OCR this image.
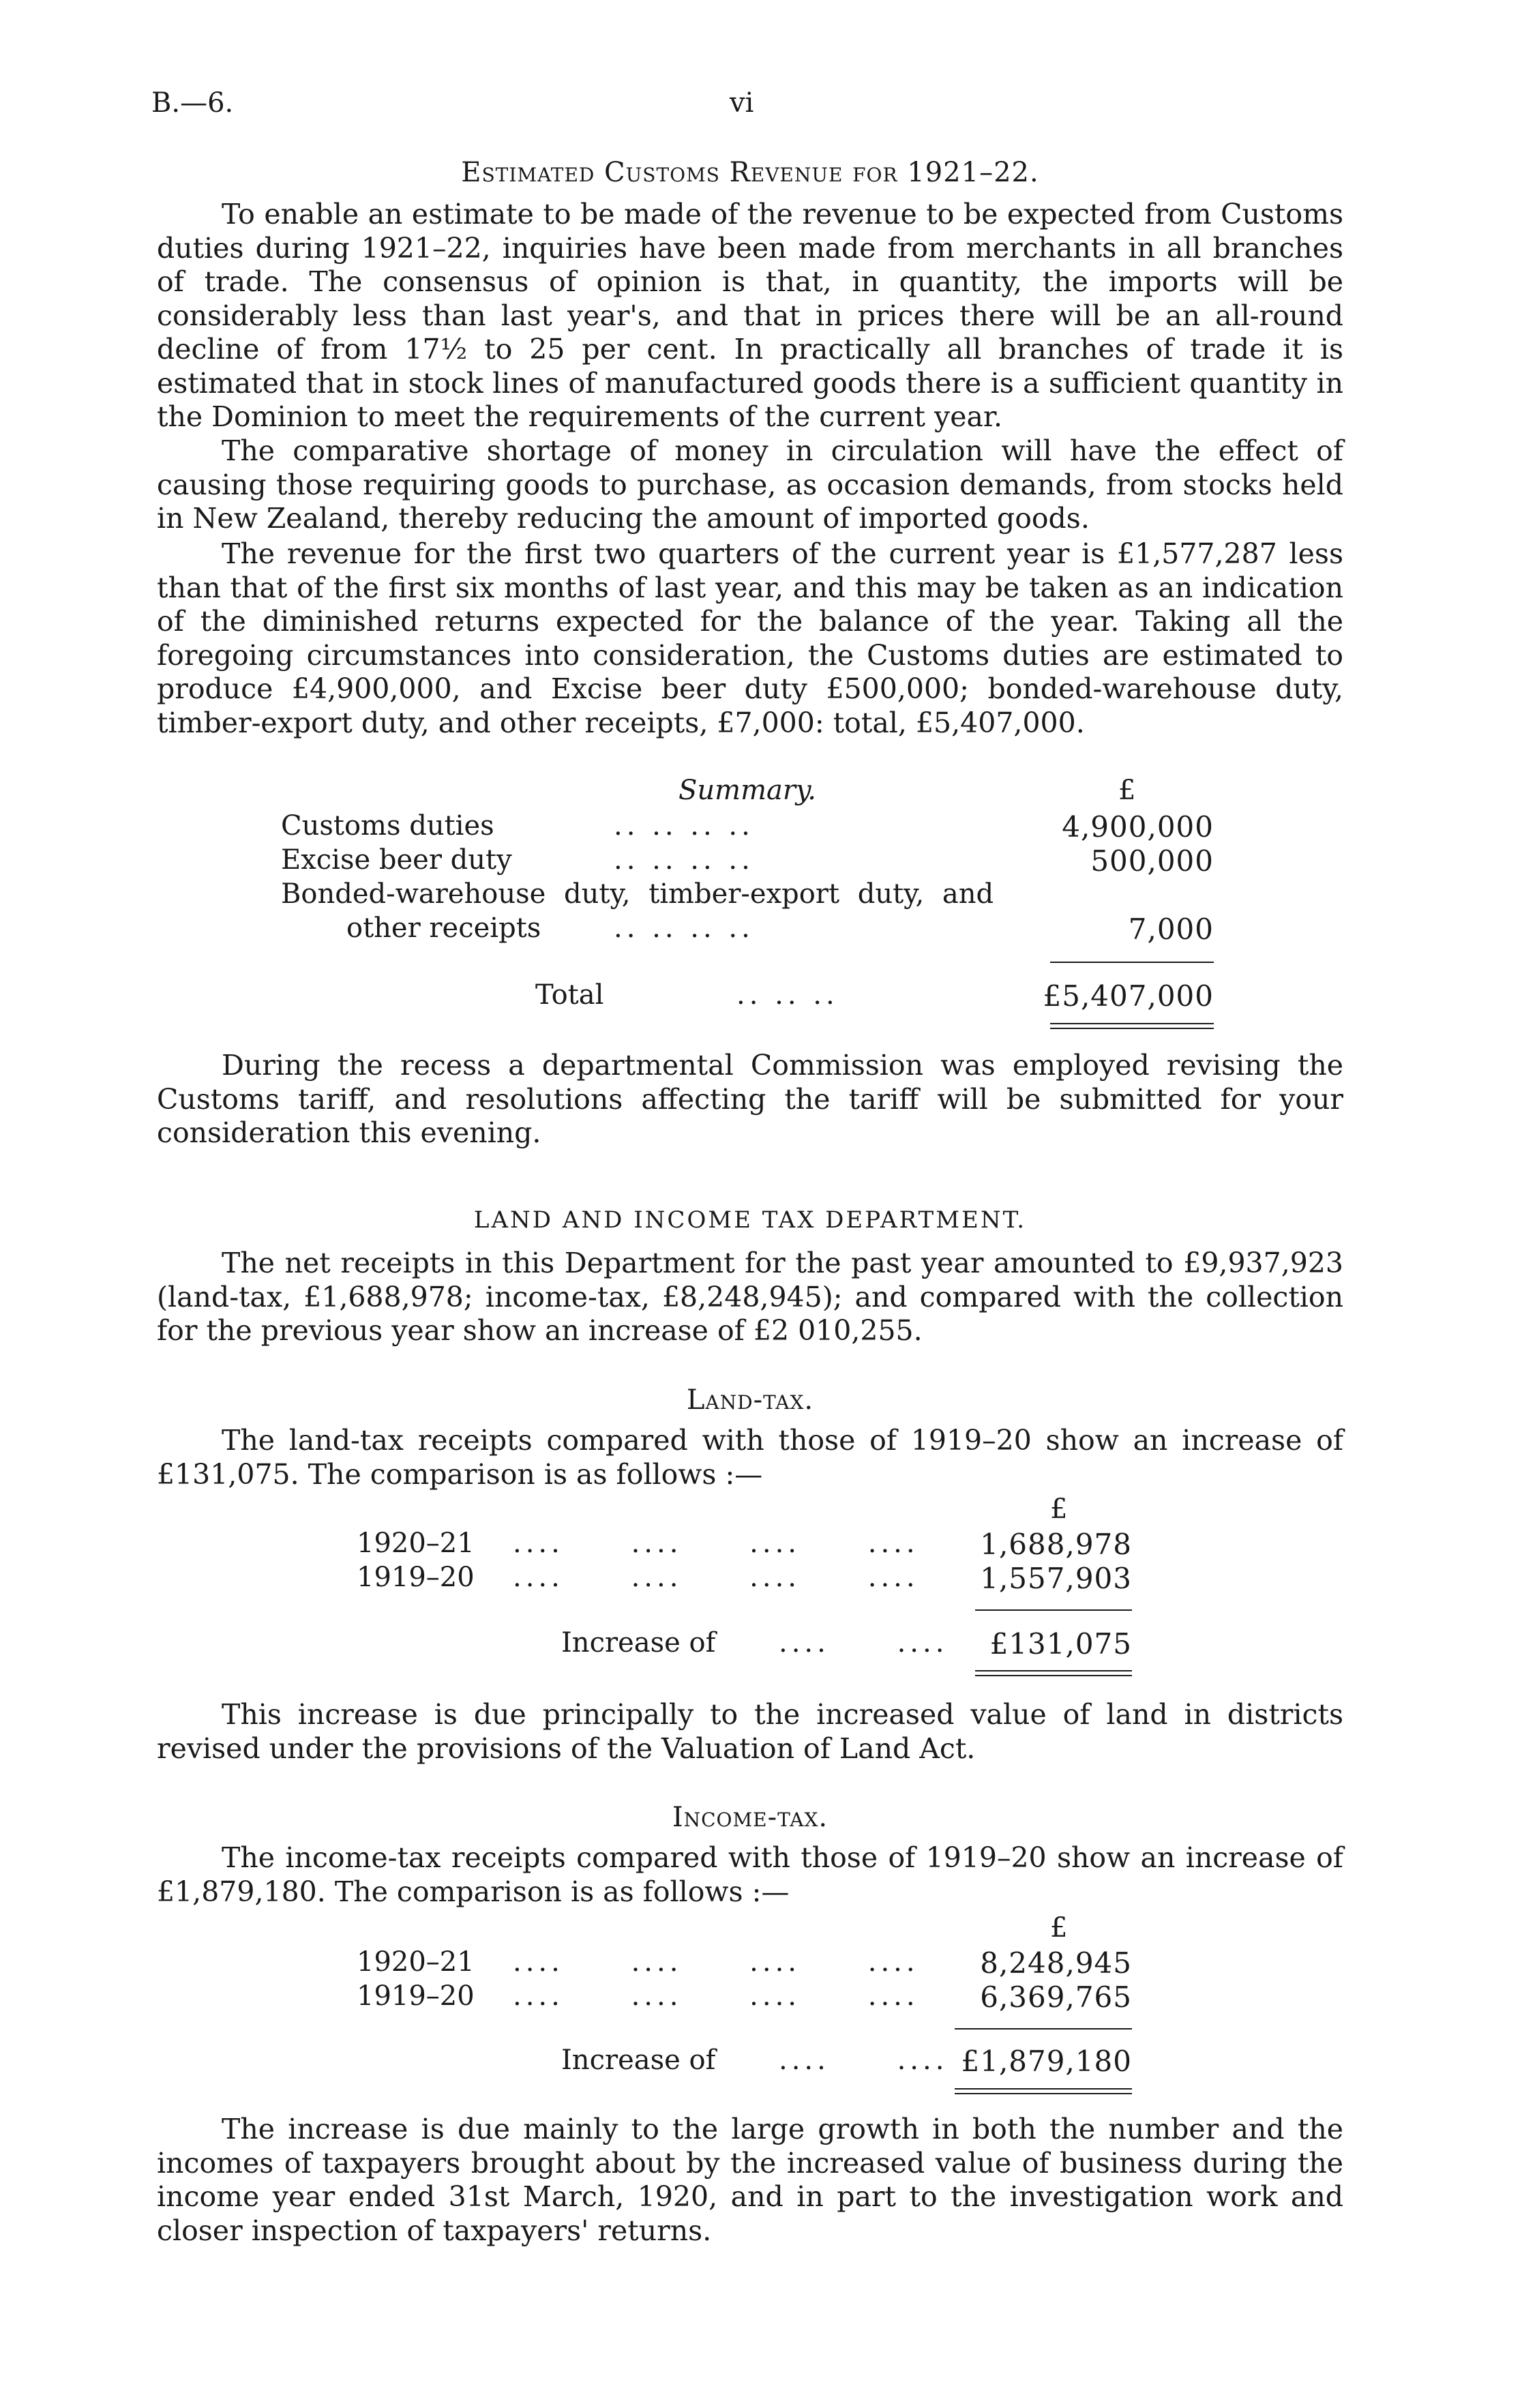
B.—6.	vi
Estimated Customs Revenue for 1921–22.

To enable an estimate to be made of the revenue to be expected from Customs duties during 1921–22, inquiries have been made from merchants in all branches of trade. The consensus of opinion is that, in quantity, the imports will be considerably less than last year's, and that in prices there will be an all-round decline of from 17½ to 25 per cent. In practically all branches of trade it is estimated that in stock lines of manufactured goods there is a sufficient quantity in the Dominion to meet the requirements of the current year.

The comparative shortage of money in circulation will have the effect of causing those requiring goods to purchase, as occasion demands, from stocks held in New Zealand, thereby reducing the amount of imported goods.

The revenue for the first two quarters of the current year is £1,577,287 less than that of the first six months of last year, and this may be taken as an indication of the diminished returns expected for the balance of the year. Taking all the foregoing circumstances into consideration, the Customs duties are estimated to produce £4,900,000, and Excise beer duty £500,000; bonded-warehouse duty, timber-export duty, and other receipts, £7,000: total, £5,407,000.

Summary.	£
Customs duties	.. .. .. ..	4,900,000
Excise beer duty	.. .. .. ..	500,000
Bonded-warehouse duty, timber-export duty, and
other receipts	.. .. .. ..	7,000
Total	.. .. ..	£5,407,000

During the recess a departmental Commission was employed revising the Customs tariff, and resolutions affecting the tariff will be submitted for your consideration this evening.

LAND AND INCOME TAX DEPARTMENT.

The net receipts in this Department for the past year amounted to £9,937,923 (land-tax, £1,688,978; income-tax, £8,248,945); and compared with the collection for the previous year show an increase of £2 010,255.

Land-tax.

The land-tax receipts compared with those of 1919–20 show an increase of £131,075. The comparison is as follows :—

£
1920–21 .... .... .... ....	1,688,978
1919–20 .... .... .... ....	1,557,903
Increase of .... ....	£131,075

This increase is due principally to the increased value of land in districts revised under the provisions of the Valuation of Land Act.

Income-tax.

The income-tax receipts compared with those of 1919–20 show an increase of £1,879,180. The comparison is as follows :—

£
1920–21 .... .... .... ....	8,248,945
1919–20 .... .... .... ....	6,369,765
Increase of .... .... £1,879,180

The increase is due mainly to the large growth in both the number and the incomes of taxpayers brought about by the increased value of business during the income year ended 31st March, 1920, and in part to the investigation work and closer inspection of taxpayers' returns.
